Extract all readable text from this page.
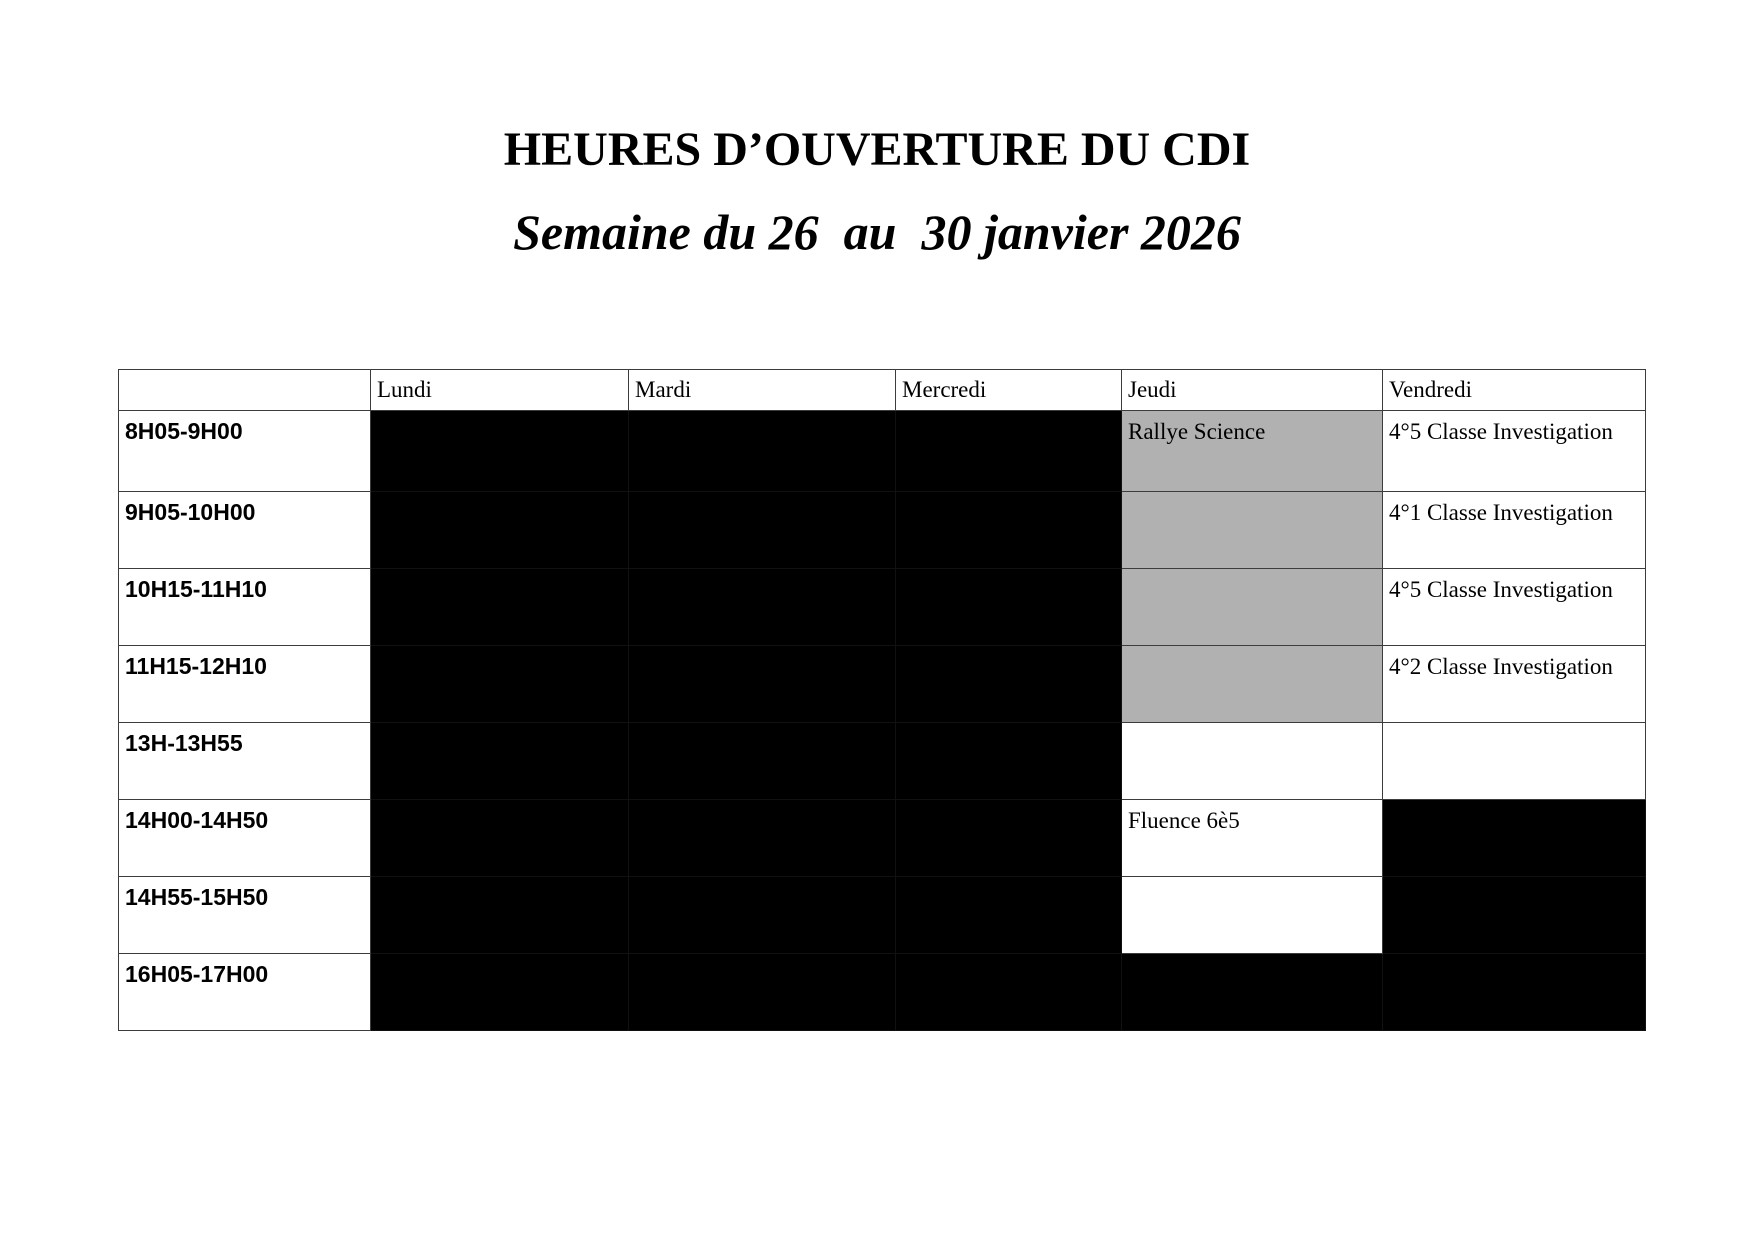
HEURES D’OUVERTURE DU CDI
Semaine du 26  au  30 janvier 2026
	Lundi	Mardi	Mercredi	Jeudi	Vendredi
8H05-9H00				Rallye Science	4°5 Classe Investigation
9H05-10H00					4°1 Classe Investigation
10H15-11H10					4°5 Classe Investigation
11H15-12H10					4°2 Classe Investigation
13H-13H55					
14H00-14H50				Fluence 6è5	
14H55-15H50					
16H05-17H00					
